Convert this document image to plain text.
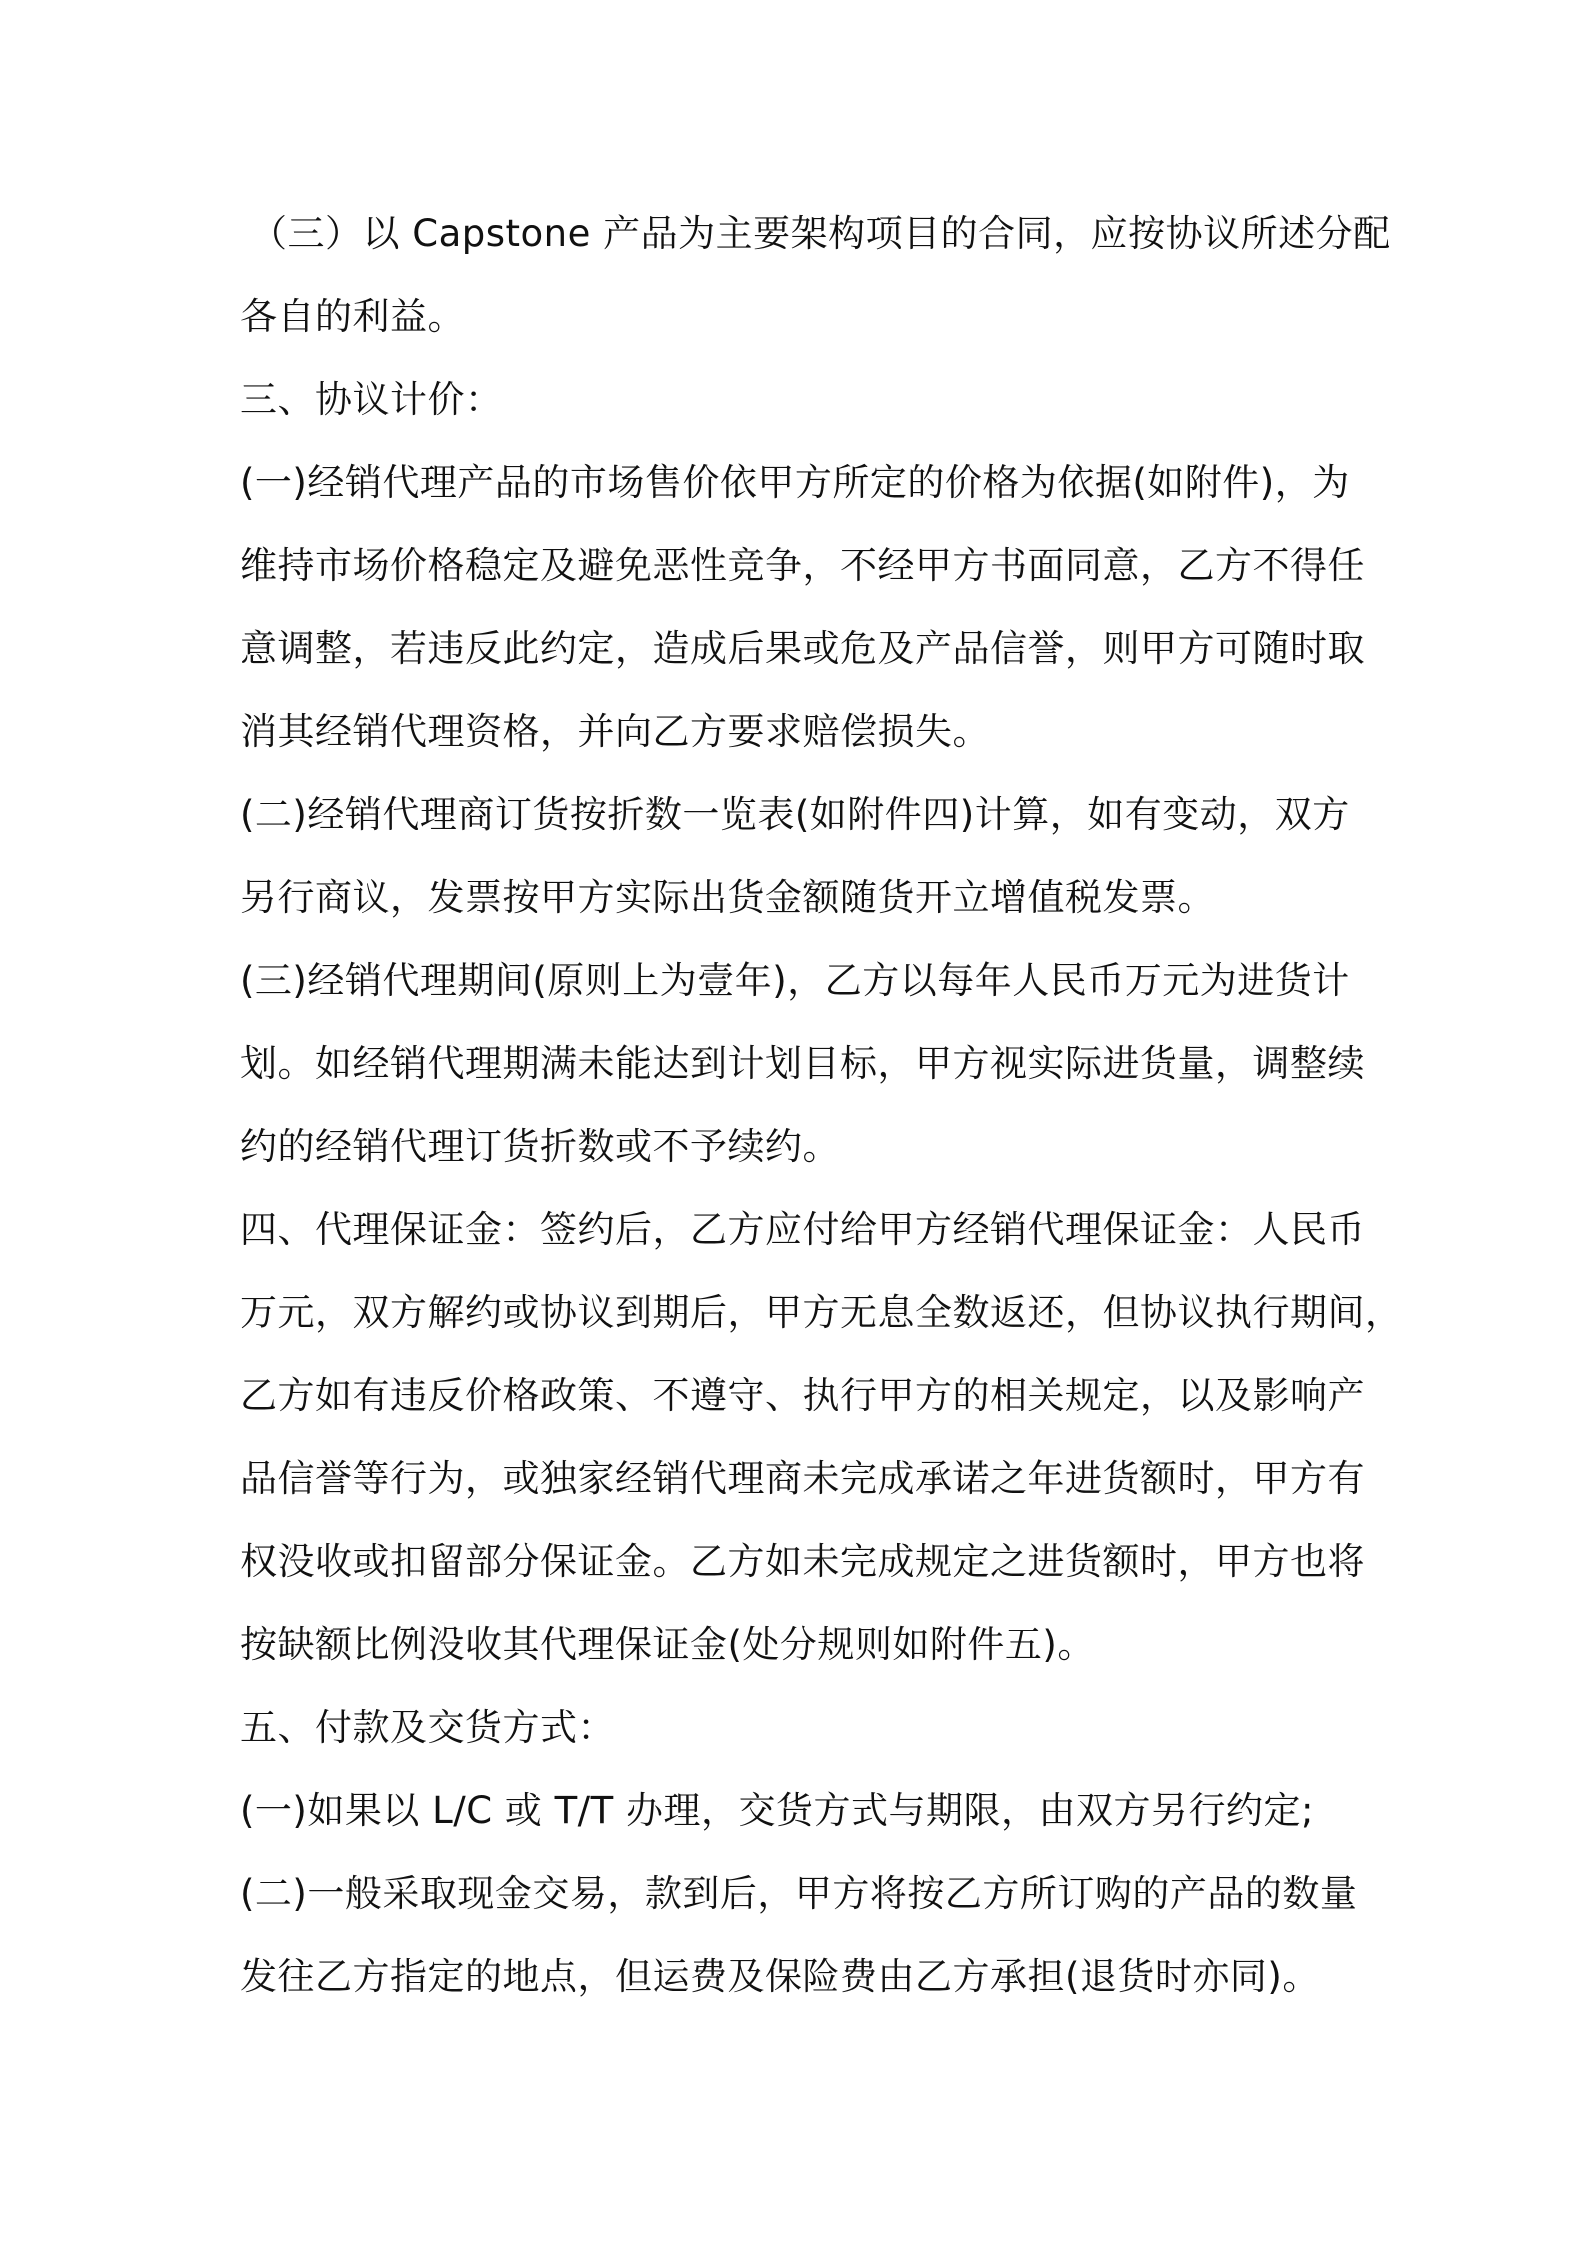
（三）以 Capstone 产品为主要架构项目的合同，应按协议所述分配
各自的利益。
三、协议计价：
(一)经销代理产品的市场售价依甲方所定的价格为依据(如附件)，为
维持市场价格稳定及避免恶性竞争，不经甲方书面同意，乙方不得任
意调整，若违反此约定，造成后果或危及产品信誉，则甲方可随时取
消其经销代理资格，并向乙方要求赔偿损失。
(二)经销代理商订货按折数一览表(如附件四)计算，如有变动，双方
另行商议，发票按甲方实际出货金额随货开立增值税发票。
(三)经销代理期间(原则上为壹年)，乙方以每年人民币万元为进货计
划。如经销代理期满未能达到计划目标，甲方视实际进货量，调整续
约的经销代理订货折数或不予续约。
四、代理保证金：签约后，乙方应付给甲方经销代理保证金：人民币
万元，双方解约或协议到期后，甲方无息全数返还，但协议执行期间，
乙方如有违反价格政策、不遵守、执行甲方的相关规定，以及影响产
品信誉等行为，或独家经销代理商未完成承诺之年进货额时，甲方有
权没收或扣留部分保证金。乙方如未完成规定之进货额时，甲方也将
按缺额比例没收其代理保证金(处分规则如附件五)。
五、付款及交货方式：
(一)如果以 L/C 或 T/T 办理，交货方式与期限，由双方另行约定;
(二)一般采取现金交易，款到后，甲方将按乙方所订购的产品的数量
发往乙方指定的地点，但运费及保险费由乙方承担(退货时亦同)。
